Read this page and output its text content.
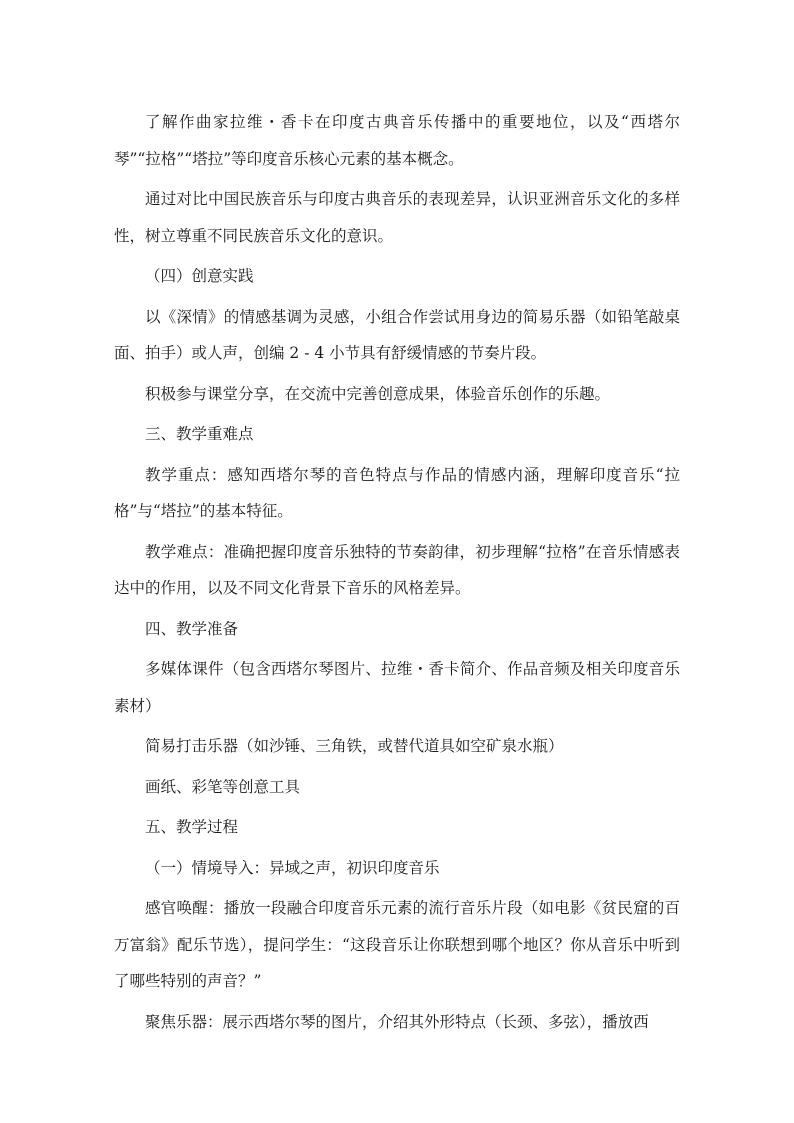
了解作曲家拉维・香卡在印度古典音乐传播中的重要地位，以及“西塔尔琴”“拉格”“塔拉”等印度音乐核心元素的基本概念。

通过对比中国民族音乐与印度古典音乐的表现差异，认识亚洲音乐文化的多样性，树立尊重不同民族音乐文化的意识。

（四）创意实践

以《深情》的情感基调为灵感，小组合作尝试用身边的简易乐器（如铅笔敲桌面、拍手）或人声，创编 2 - 4 小节具有舒缓情感的节奏片段。

积极参与课堂分享，在交流中完善创意成果，体验音乐创作的乐趣。

三、教学重难点

教学重点：感知西塔尔琴的音色特点与作品的情感内涵，理解印度音乐“拉格”与“塔拉”的基本特征。

教学难点：准确把握印度音乐独特的节奏韵律，初步理解“拉格”在音乐情感表达中的作用，以及不同文化背景下音乐的风格差异。

四、教学准备

多媒体课件（包含西塔尔琴图片、拉维・香卡简介、作品音频及相关印度音乐素材）

简易打击乐器（如沙锤、三角铁，或替代道具如空矿泉水瓶）

画纸、彩笔等创意工具

五、教学过程

（一）情境导入：异域之声，初识印度音乐

感官唤醒：播放一段融合印度音乐元素的流行音乐片段（如电影《贫民窟的百万富翁》配乐节选），提问学生：“这段音乐让你联想到哪个地区？你从音乐中听到了哪些特别的声音？”

聚焦乐器：展示西塔尔琴的图片，介绍其外形特点（长颈、多弦），播放西
